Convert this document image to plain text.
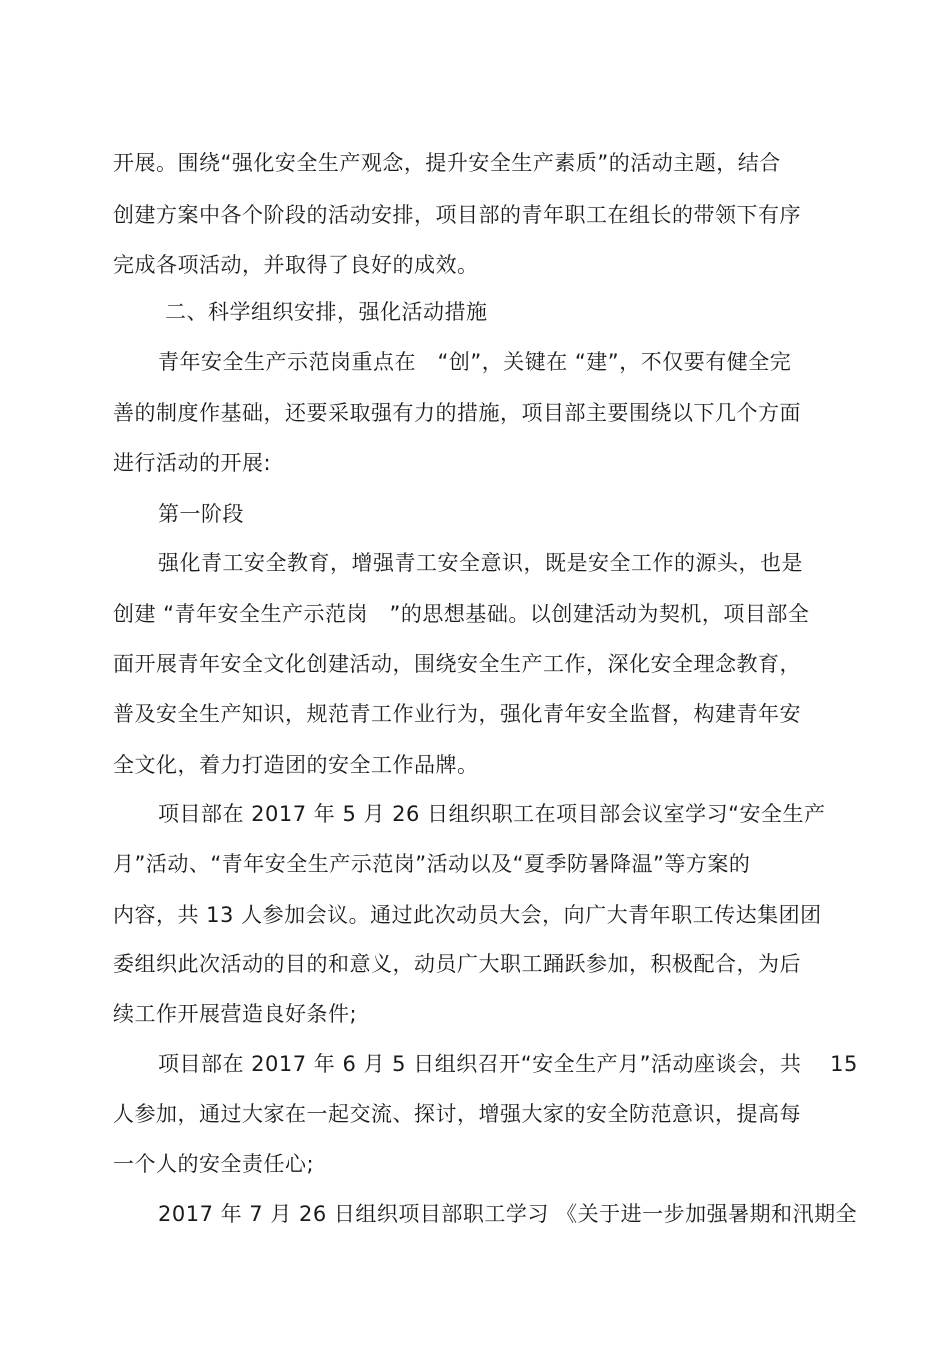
开展。围绕“强化安全生产观念，提升安全生产素质”的活动主题，结合
创建方案中各个阶段的活动安排，项目部的青年职工在组长的带领下有序
完成各项活动，并取得了良好的成效。
二、科学组织安排，强化活动措施
青年安全生产示范岗重点在　“创”，关键在 “建”，不仅要有健全完
善的制度作基础，还要采取强有力的措施，项目部主要围绕以下几个方面
进行活动的开展:
第一阶段
强化青工安全教育，增强青工安全意识，既是安全工作的源头，也是
创建 “青年安全生产示范岗　”的思想基础。以创建活动为契机，项目部全
面开展青年安全文化创建活动，围绕安全生产工作，深化安全理念教育，
普及安全生产知识，规范青工作业行为，强化青年安全监督，构建青年安
全文化，着力打造团的安全工作品牌。
项目部在 2017 年 5 月 26 日组织职工在项目部会议室学习“安全生产
月”活动、“青年安全生产示范岗”活动以及“夏季防暑降温”等方案的
内容，共 13 人参加会议。通过此次动员大会，向广大青年职工传达集团团
委组织此次活动的目的和意义，动员广大职工踊跃参加，积极配合，为后
续工作开展营造良好条件;
项目部在 2017 年 6 月 5 日组织召开“安全生产月”活动座谈会，共　 15
人参加，通过大家在一起交流、探讨，增强大家的安全防范意识，提高每
一个人的安全责任心;
2017 年 7 月 26 日组织项目部职工学习 《关于进一步加强暑期和汛期全
